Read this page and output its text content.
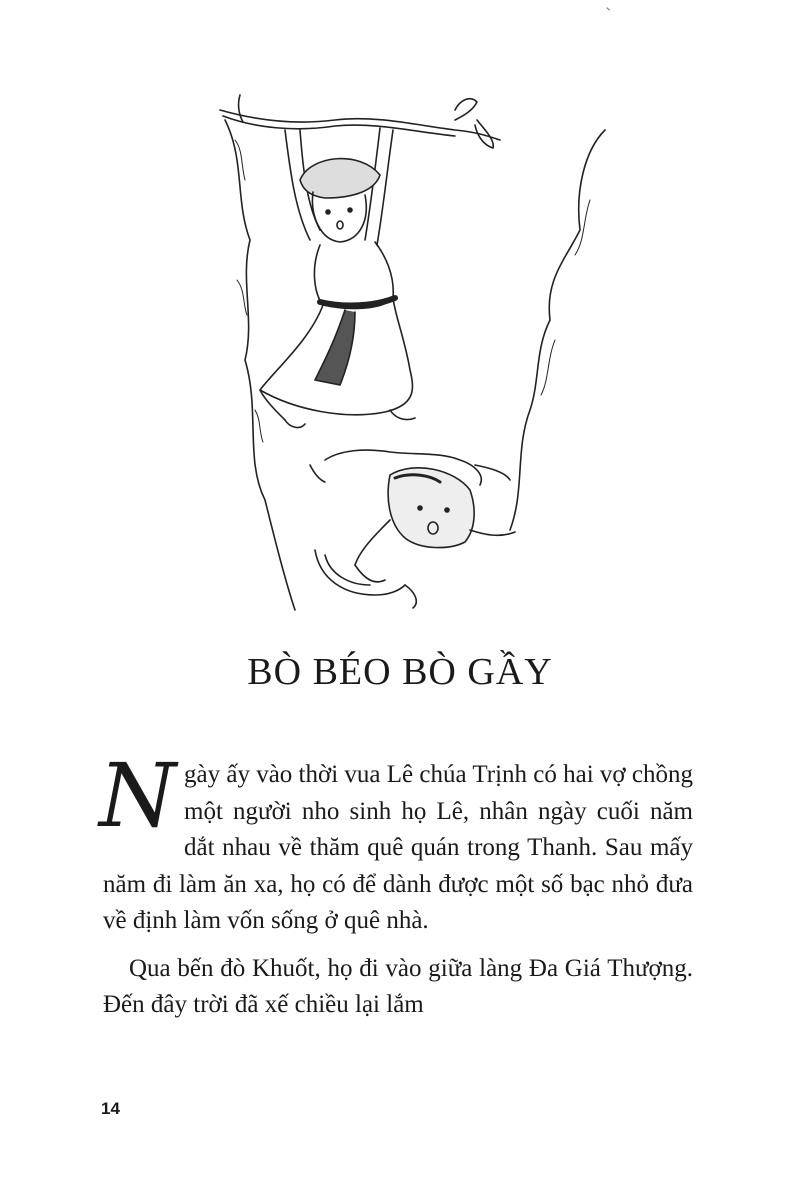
BÒ BÉO BÒ GẦY

Ngày ấy vào thời vua Lê chúa Trịnh có hai vợ chồng một người nho sinh họ Lê, nhân ngày cuối năm dắt nhau về thăm quê quán trong Thanh. Sau mấy năm đi làm ăn xa, họ có để dành được một số bạc nhỏ đưa về định làm vốn sống ở quê nhà.

Qua bến đò Khuốt, họ đi vào giữa làng Đa Giá Thượng. Đến đây trời đã xế chiều lại lắm

14
